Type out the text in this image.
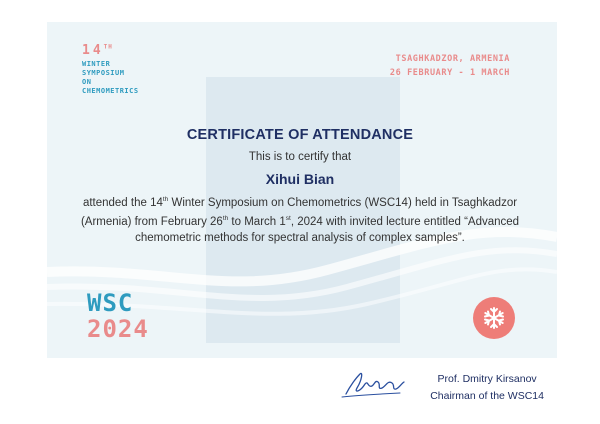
14TH
WINTER
SYMPOSIUM
ON
CHEMOMETRICS
TSAGHKADZOR, ARMENIA
26 FEBRUARY - 1 MARCH
CERTIFICATE OF ATTENDANCE
This is to certify that
Xihui Bian
attended the 14th Winter Symposium on Chemometrics (WSC14) held in Tsaghkadzor (Armenia) from February 26th to March 1st, 2024 with invited lecture entitled “Advanced chemometric methods for spectral analysis of complex samples”.
WSC
2024
Prof. Dmitry Kirsanov
Chairman of the WSC14
